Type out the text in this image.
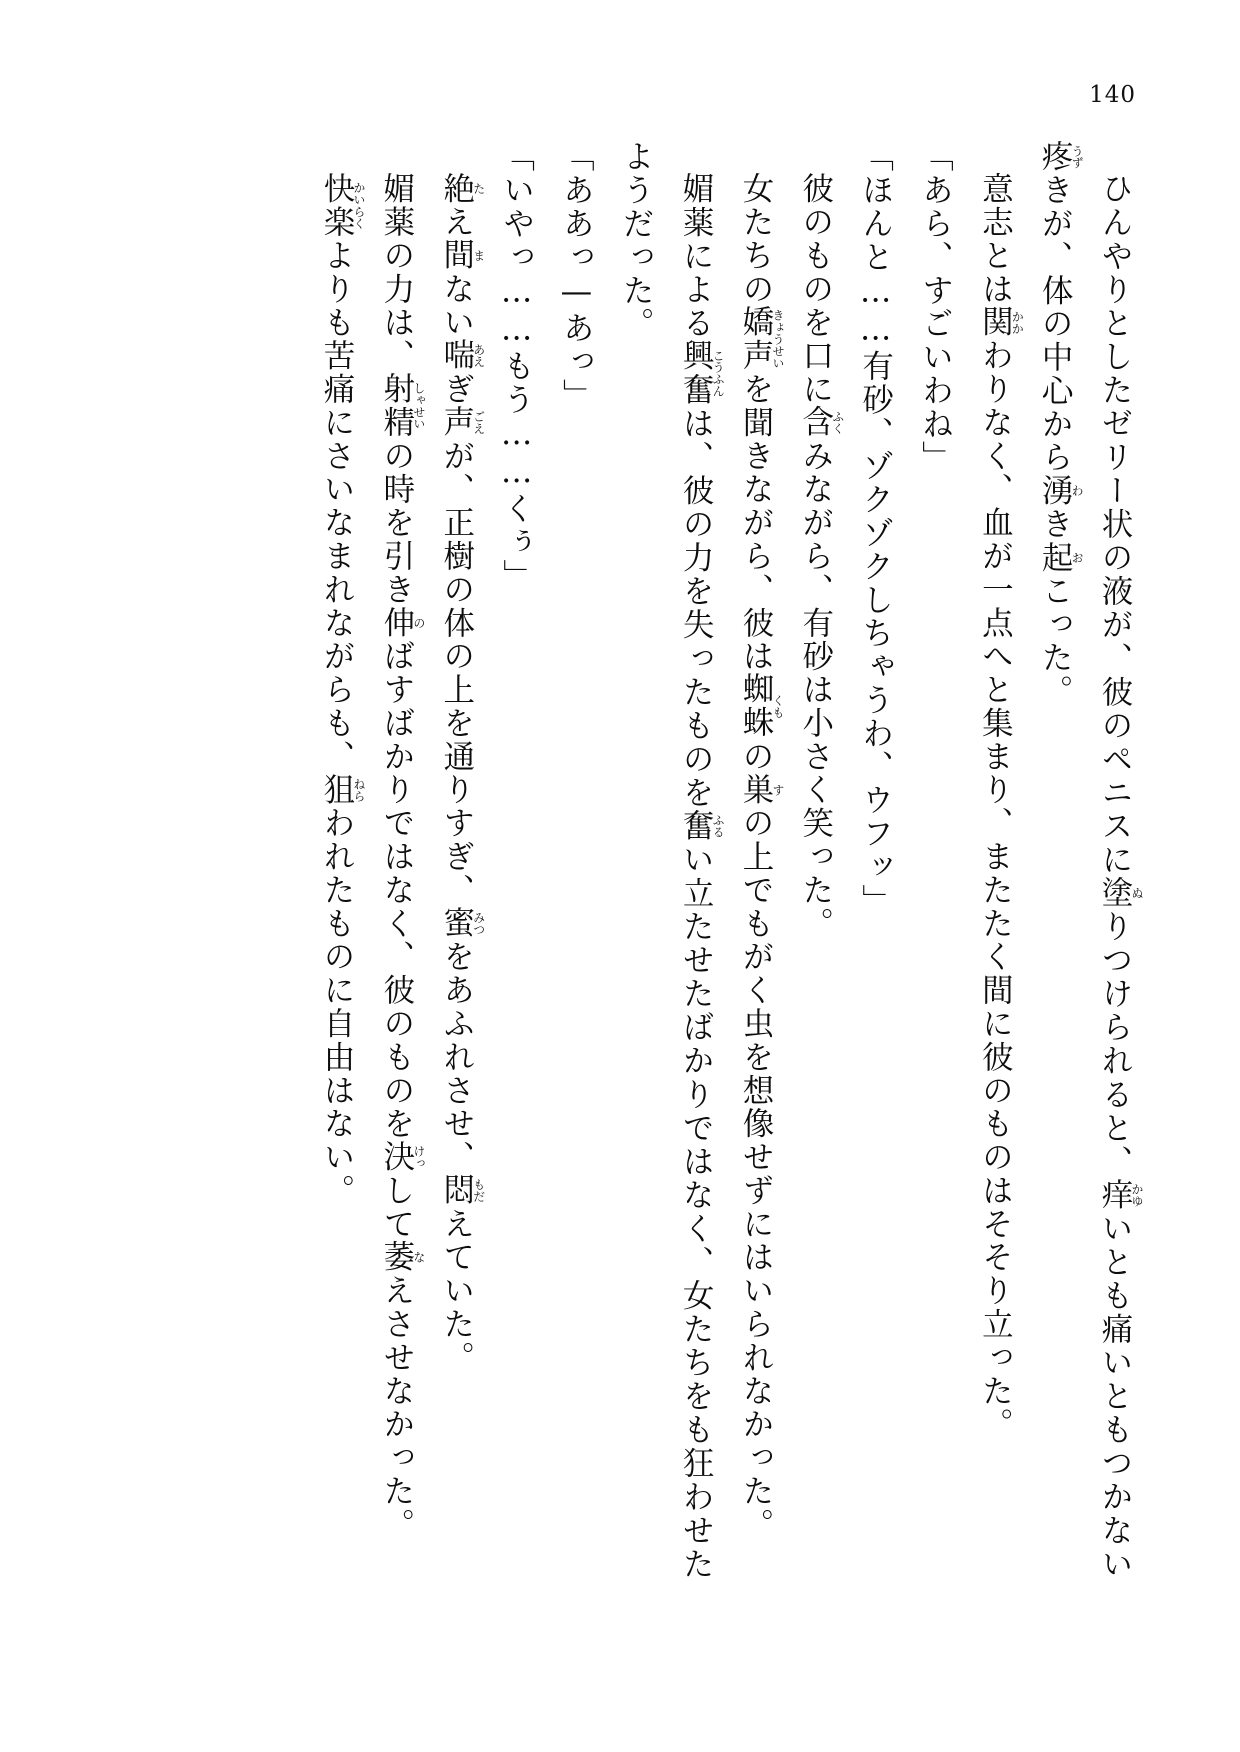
140

ひんやりとしたゼリー状の液が、彼のペニスに塗ぬりつけられると、痒かゆいとも痛いともつかない疼うずきが、体の中心から湧わき起おこった。

意志とは関かかわりなく、血が一点へと集まり、またたく間に彼のものはそそり立った。

「あら、すごいわね」

「ほんと……有砂、ゾクゾクしちゃうわ、ウフッ」

彼のものを口に含ふくみながら、有砂は小さく笑った。

女たちの嬌声きょうせいを聞きながら、彼は蜘蛛くもの巣すの上でもがく虫を想像せずにはいられなかった。

媚薬による興奮こうふんは、彼の力を失ったものを奮ふるい立たせたばかりではなく、女たちをも狂わせたようだった。

「ああっ—あっ」

「いやっ……もう……くぅ」

絶たえ間まない喘あえぎ声ごえが、正樹の体の上を通りすぎ、蜜みつをあふれさせ、悶もだえていた。

媚薬の力は、射精しゃせいの時を引き伸のばすばかりではなく、彼のものを決けっして萎なえさせなかった。

快楽かいらくよりも苦痛にさいなまれながらも、狙ねらわれたものに自由はない。
